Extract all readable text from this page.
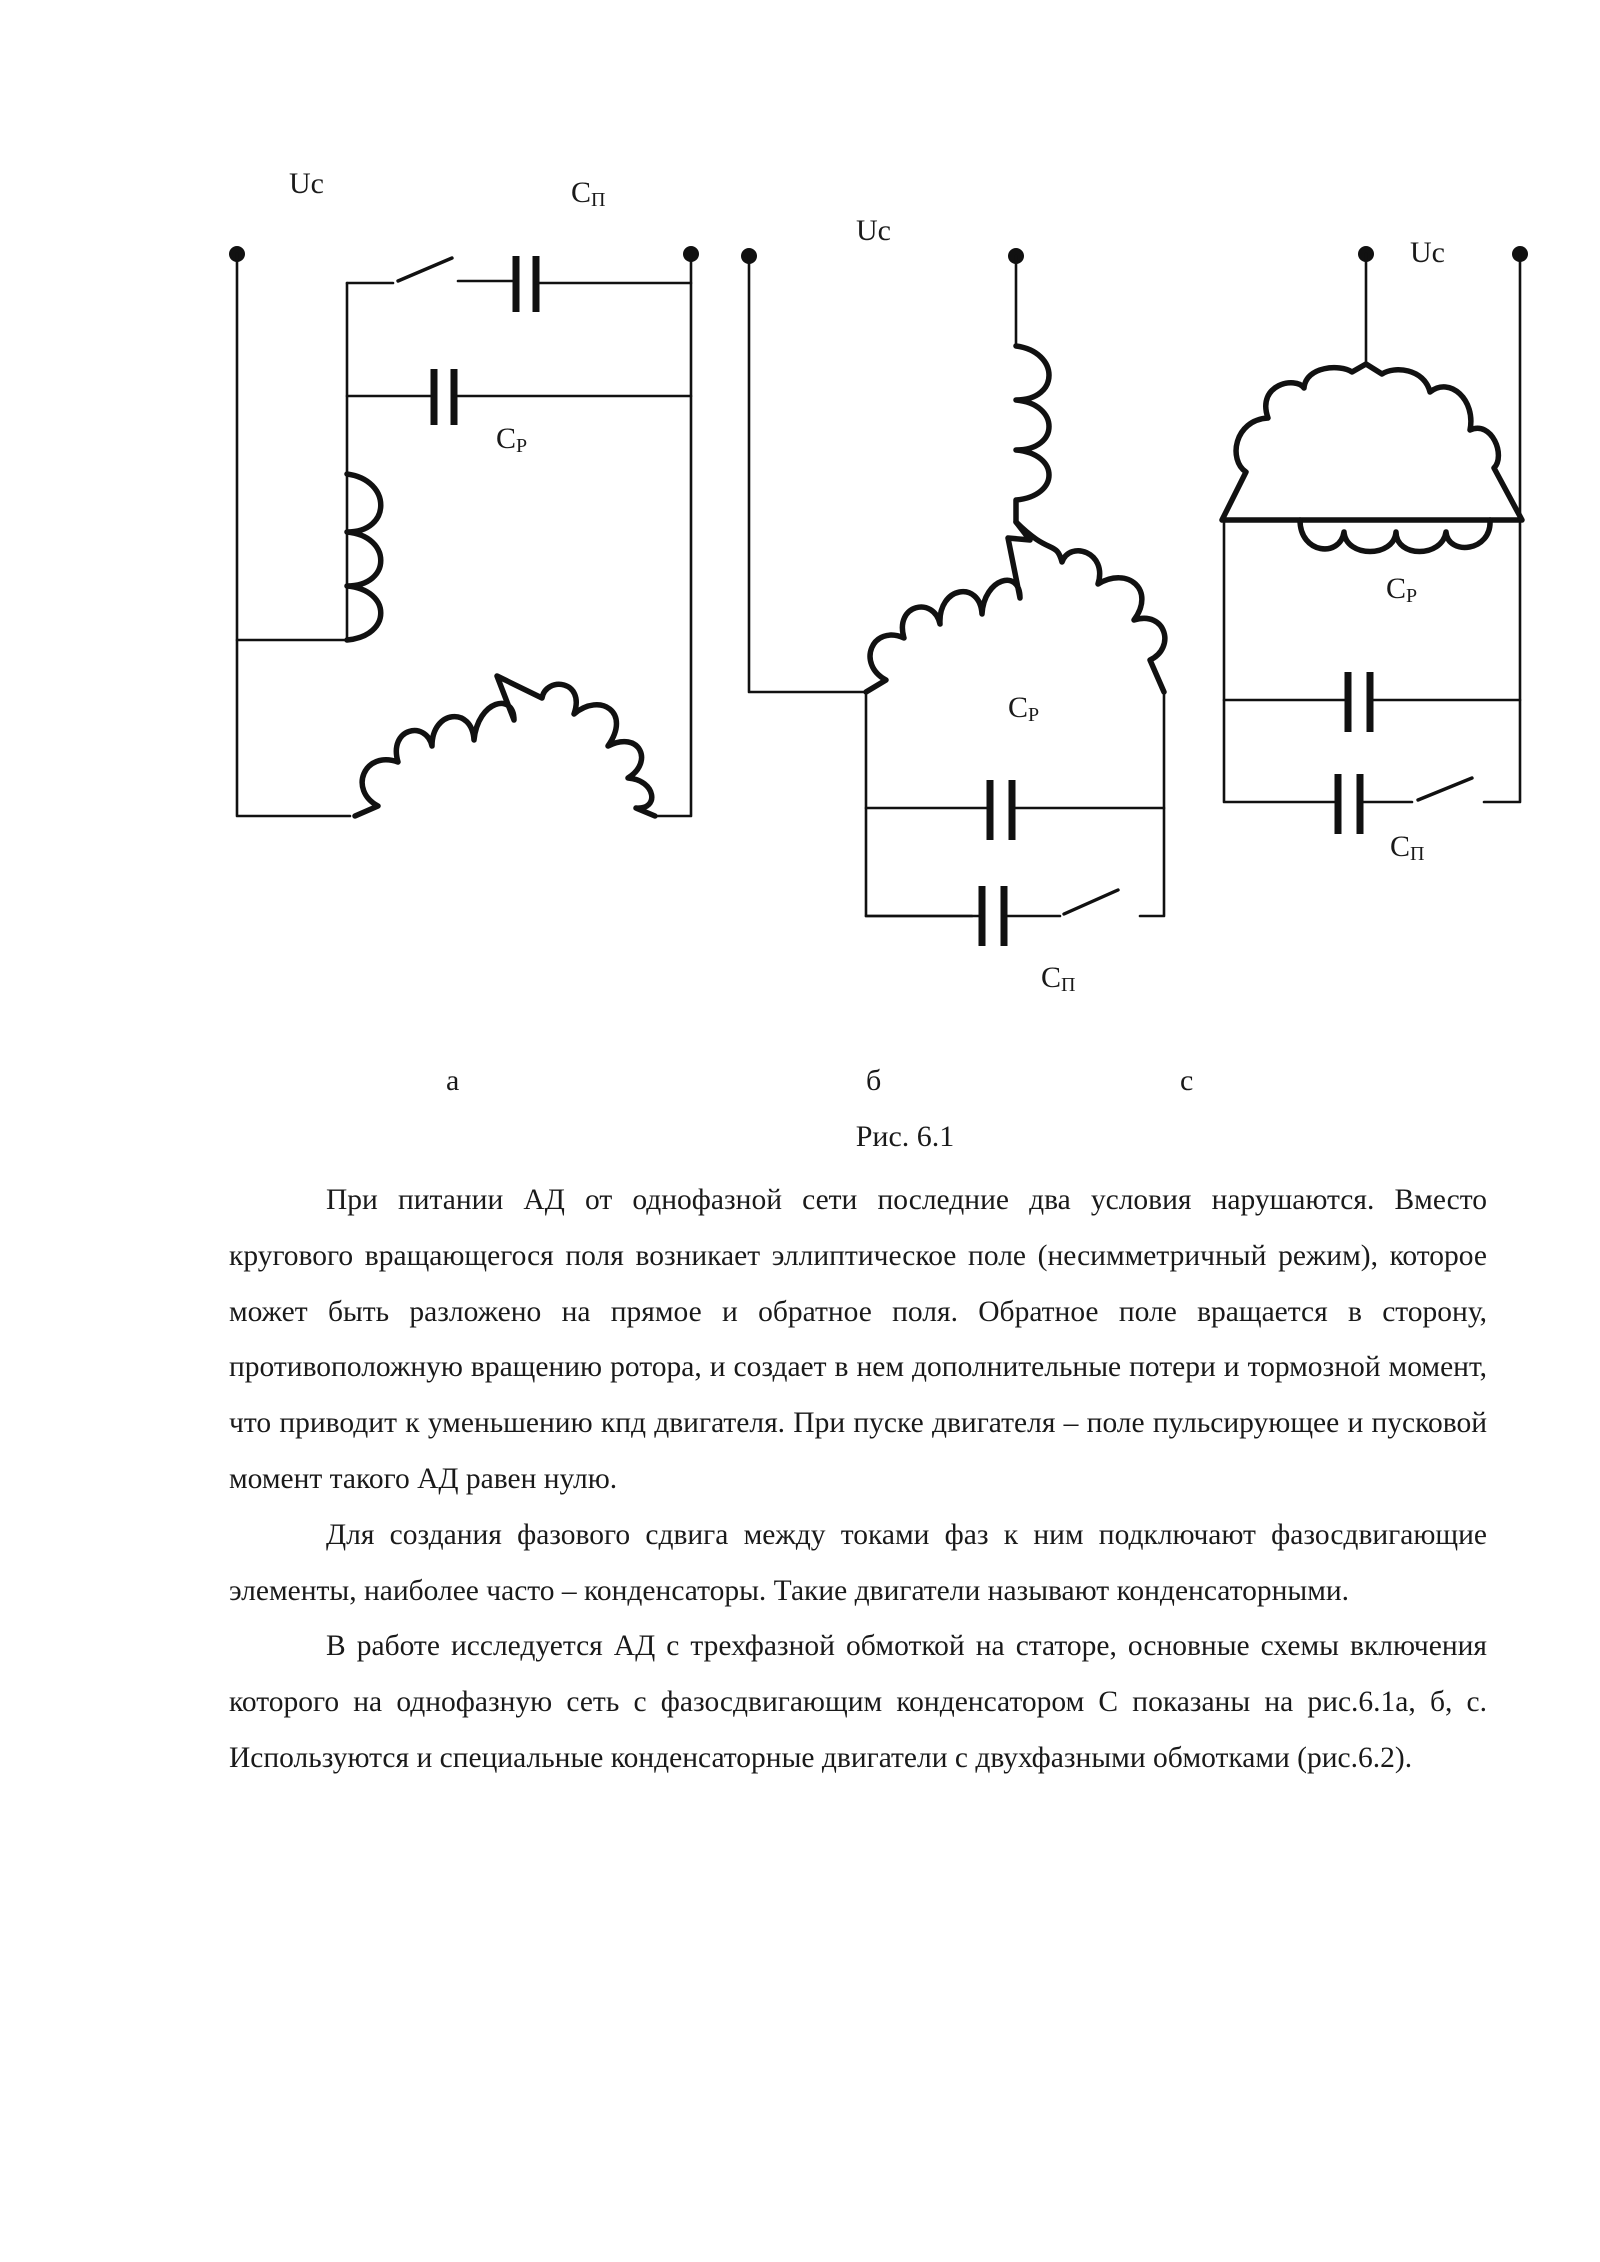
Uc	CП
CР
Uc
CР
CП
Uc
CР
CП
а	б	с
Рис. 6.1

При питании АД от однофазной сети последние два условия нарушаются. Вместо кругового вращающегося поля возникает эллиптическое поле (несимметричный режим), которое может быть разложено на прямое и обратное поля. Обратное поле вращается в сторону, противоположную вращению ротора, и создает в нем дополнительные потери и тормозной момент, что приводит к уменьшению кпд двигателя. При пуске двигателя – поле пульсирующее и пусковой момент такого АД равен нулю.

Для создания фазового сдвига между токами фаз к ним подключают фазосдвигающие элементы, наиболее часто – конденсаторы. Такие двигатели называют конденсаторными.

В работе исследуется АД с трехфазной обмоткой на статоре, основные схемы включения которого на однофазную сеть с фазосдвигающим конденсатором С показаны на рис.6.1а, б, с. Используются и специальные конденсаторные двигатели с двухфазными обмотками (рис.6.2).
